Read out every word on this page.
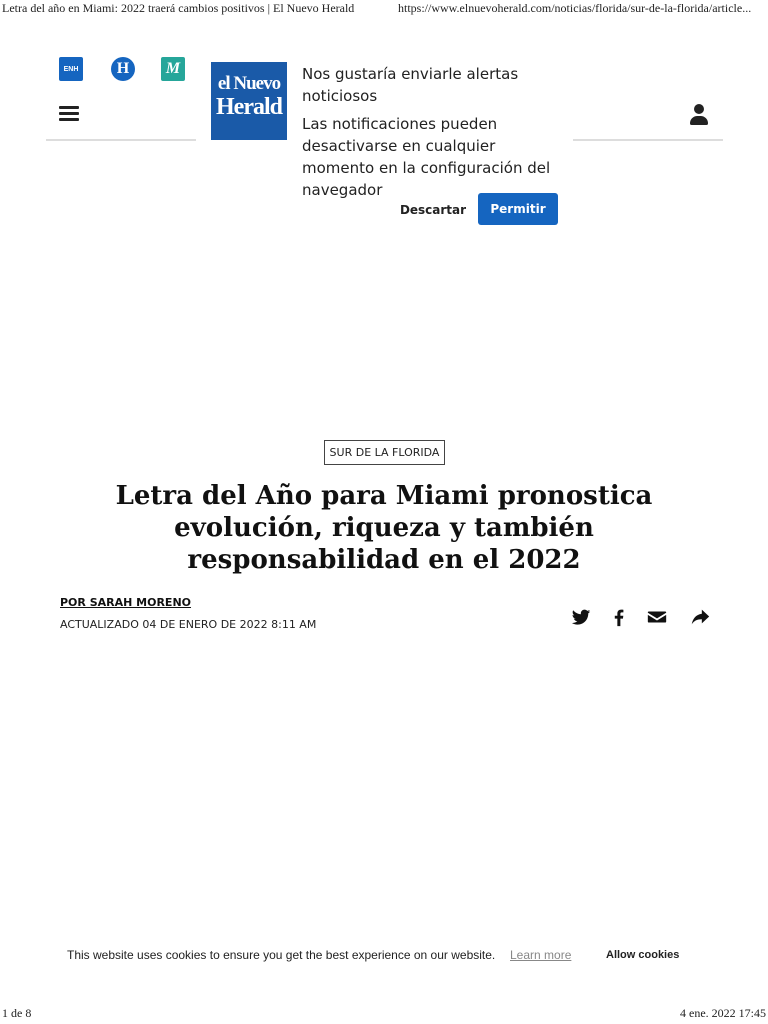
Letra del año en Miami: 2022 traerá cambios positivos | El Nuevo Herald	https://www.elnuevoherald.com/noticias/florida/sur-de-la-florida/article...
ENH	H	M
el Nuevo
Herald
Nos gustaría enviarle alertas noticiosos
Las notificaciones pueden desactivarse en cualquier momento en la configuración del navegador
Descartar	Permitir
SUR DE LA FLORIDA
Letra del Año para Miami pronostica evolución, riqueza y también responsabilidad en el 2022
POR SARAH MORENO
ACTUALIZADO 04 DE ENERO DE 2022 8:11 AM
This website uses cookies to ensure you get the best experience on our website. Learn more	Allow cookies
1 de 8	4 ene. 2022 17:45
